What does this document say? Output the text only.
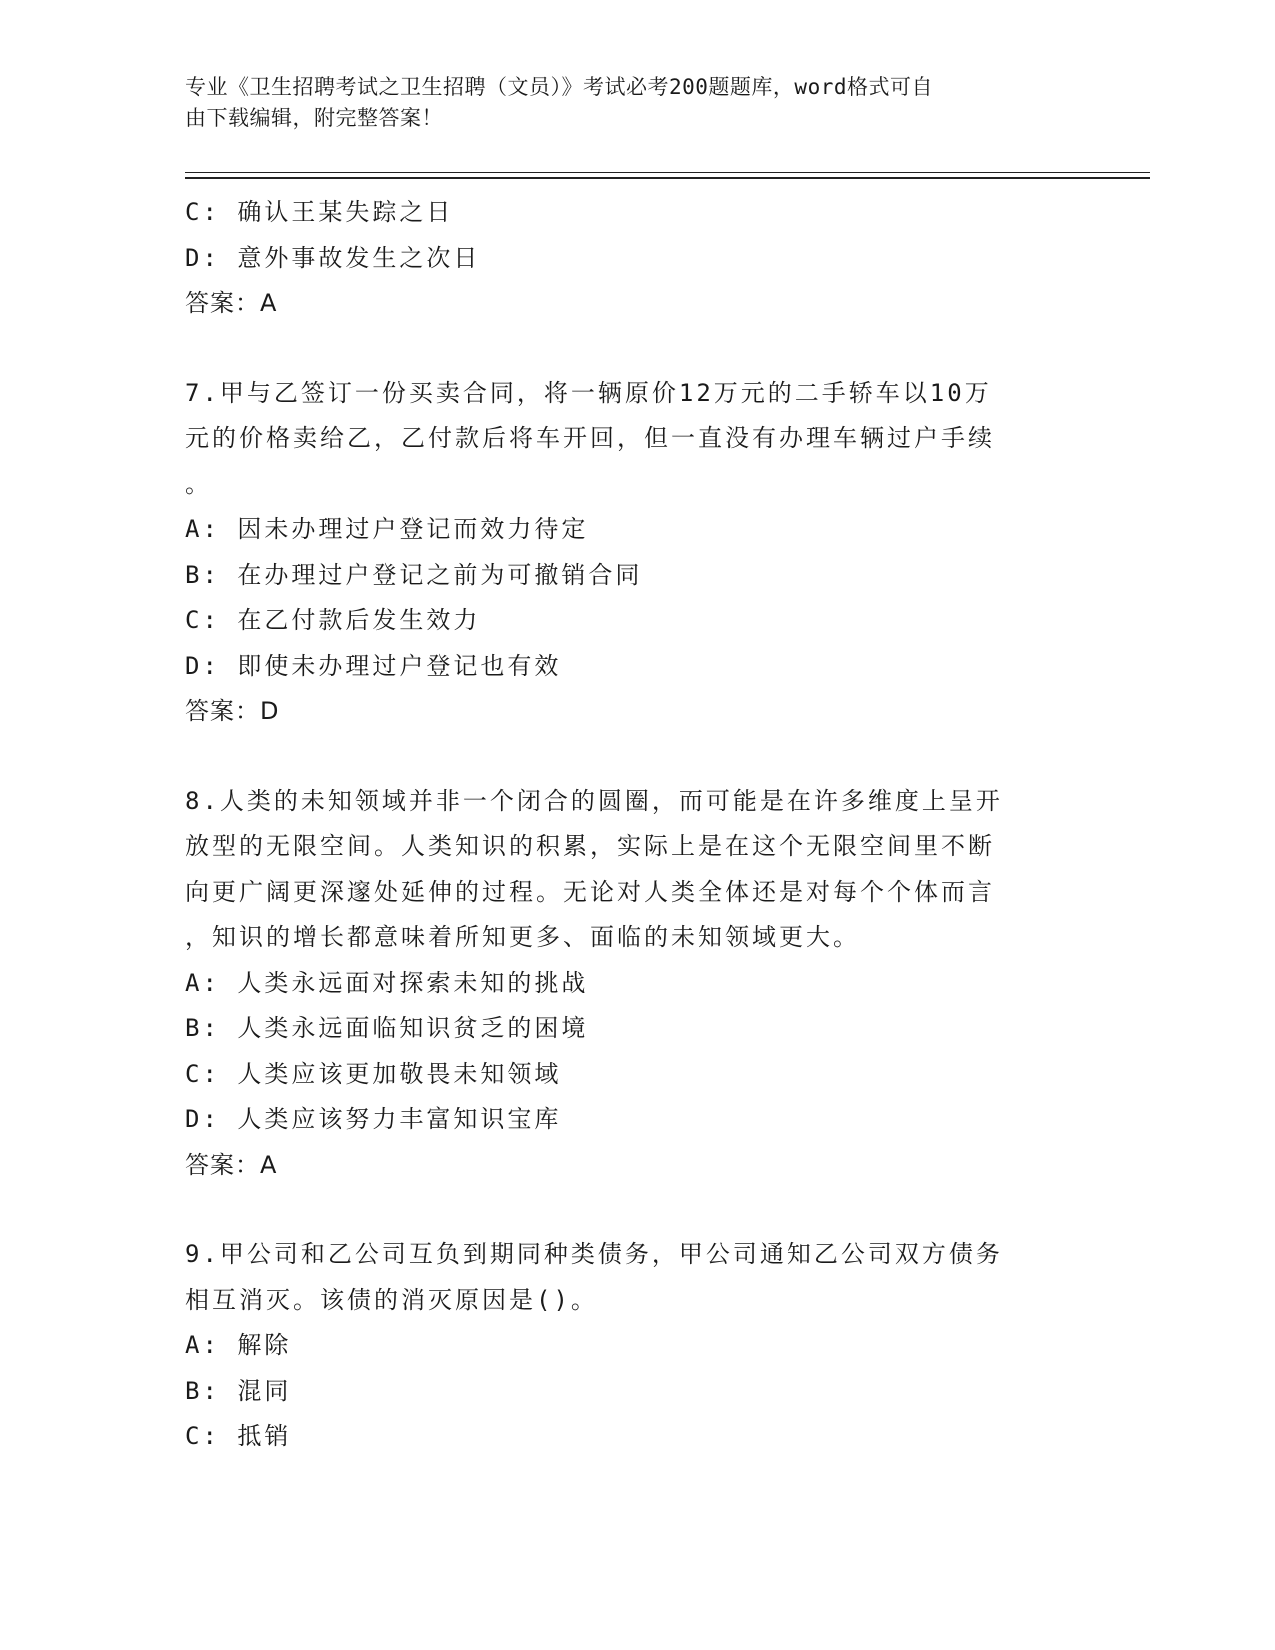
专业《卫生招聘考试之卫生招聘（文员）》考试必考200题题库，word格式可自
由下载编辑，附完整答案！
C: 确认王某失踪之日
D: 意外事故发生之次日
答案：A
7.甲与乙签订一份买卖合同，将一辆原价12万元的二手轿车以10万
元的价格卖给乙，乙付款后将车开回，但一直没有办理车辆过户手续
。
A: 因未办理过户登记而效力待定
B: 在办理过户登记之前为可撤销合同
C: 在乙付款后发生效力
D: 即使未办理过户登记也有效
答案：D
8.人类的未知领域并非一个闭合的圆圈，而可能是在许多维度上呈开
放型的无限空间。人类知识的积累，实际上是在这个无限空间里不断
向更广阔更深邃处延伸的过程。无论对人类全体还是对每个个体而言
，知识的增长都意味着所知更多、面临的未知领域更大。
A: 人类永远面对探索未知的挑战
B: 人类永远面临知识贫乏的困境
C: 人类应该更加敬畏未知领域
D: 人类应该努力丰富知识宝库
答案：A
9.甲公司和乙公司互负到期同种类债务，甲公司通知乙公司双方债务
相互消灭。该债的消灭原因是()。
A: 解除
B: 混同
C: 抵销
